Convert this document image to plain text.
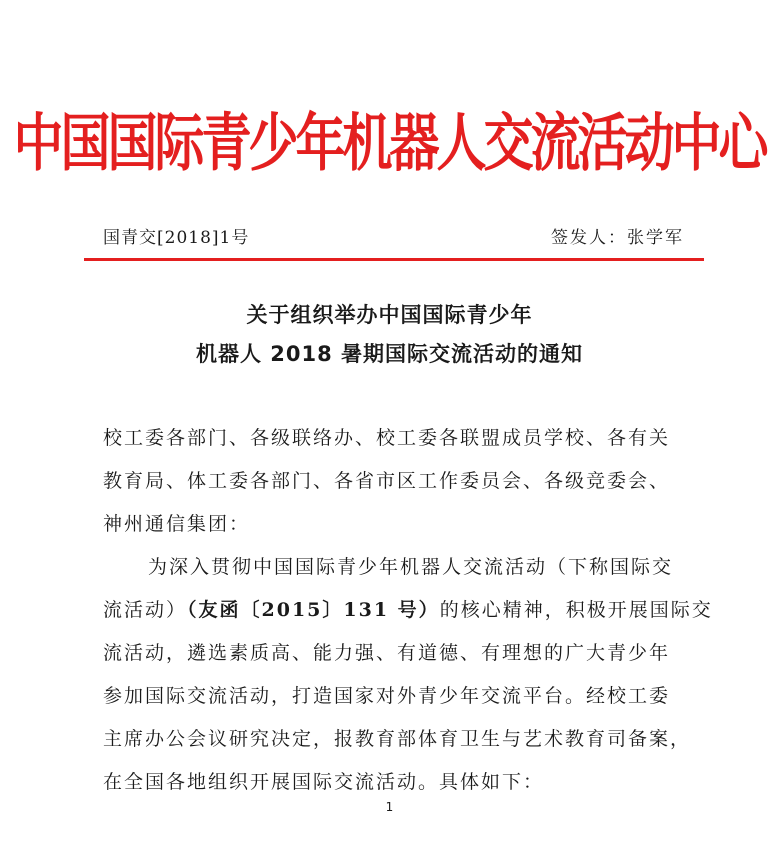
中国国际青少年机器人交流活动中心
国青交[2018]1号	签发人：张学军
关于组织举办中国国际青少年
机器人 2018 暑期国际交流活动的通知
校工委各部门、各级联络办、校工委各联盟成员学校、各有关
教育局、体工委各部门、各省市区工作委员会、各级竞委会、
神州通信集团：
为深入贯彻中国国际青少年机器人交流活动（下称国际交
流活动）（友函〔2015〕131 号）的核心精神，积极开展国际交
流活动，遴选素质高、能力强、有道德、有理想的广大青少年
参加国际交流活动，打造国家对外青少年交流平台。经校工委
主席办公会议研究决定，报教育部体育卫生与艺术教育司备案，
在全国各地组织开展国际交流活动。具体如下：
1
